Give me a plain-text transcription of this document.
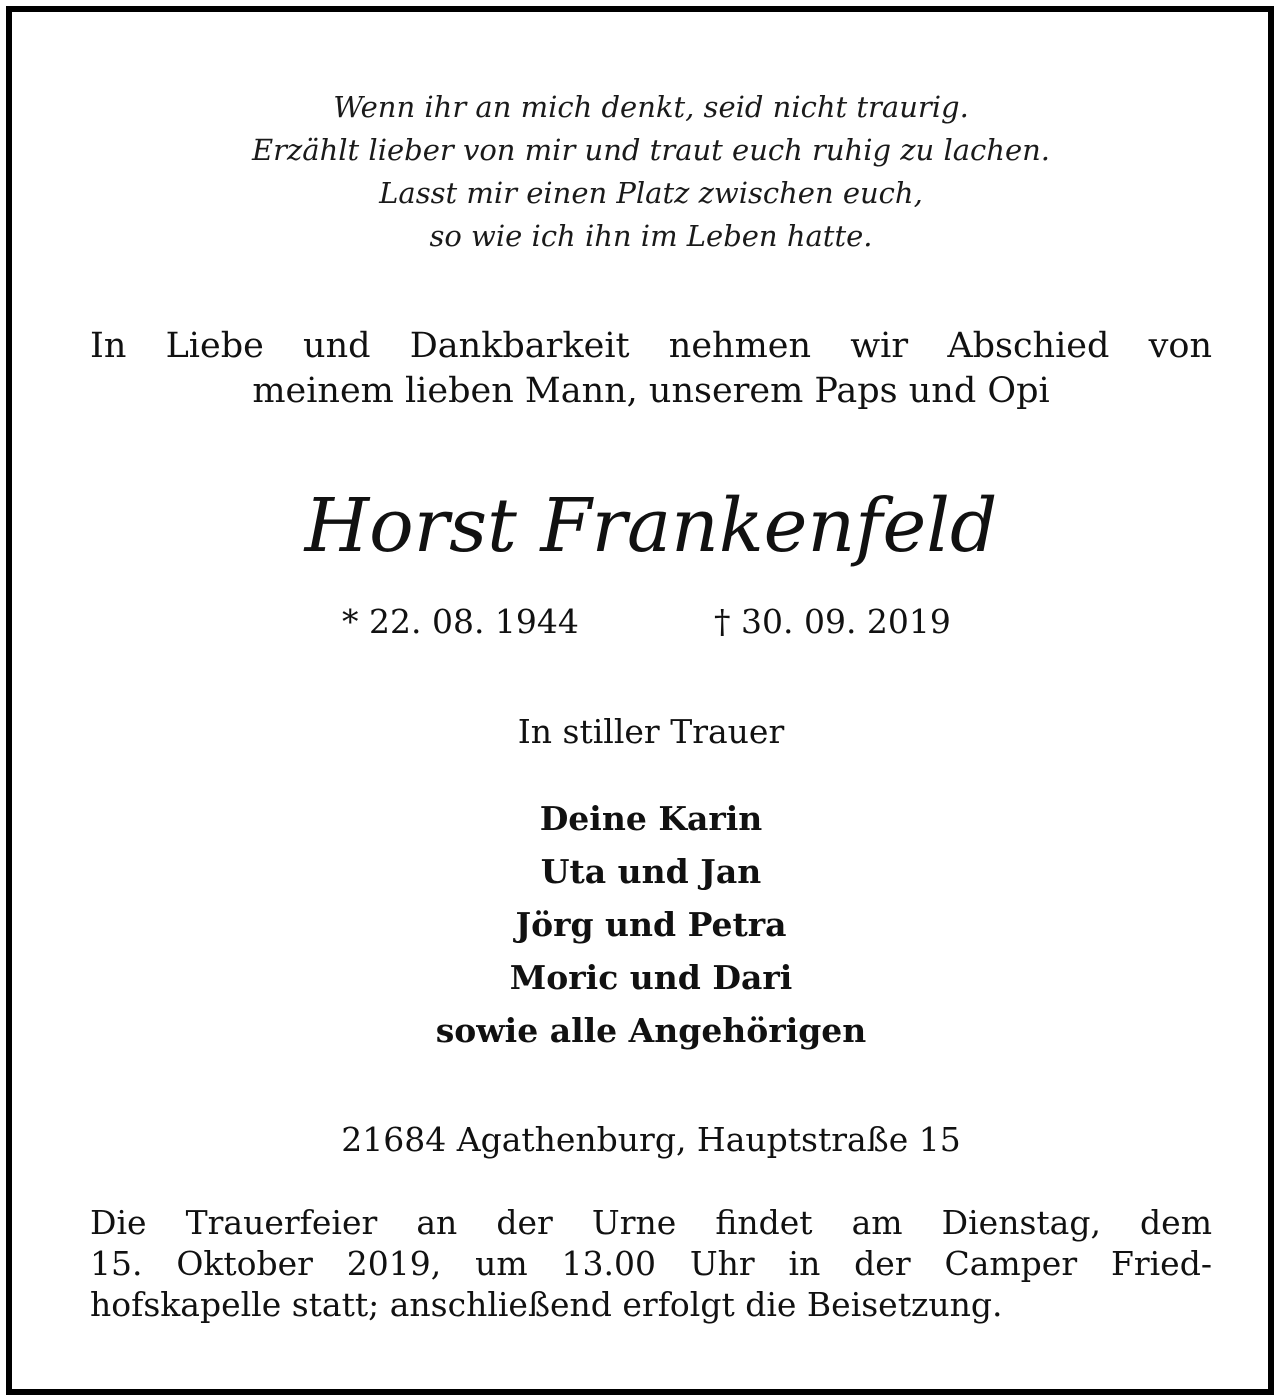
Wenn ihr an mich denkt, seid nicht traurig.
Erzählt lieber von mir und traut euch ruhig zu lachen.
Lasst mir einen Platz zwischen euch,
so wie ich ihn im Leben hatte.
In Liebe und Dankbarkeit nehmen wir Abschied von
meinem lieben Mann, unserem Paps und Opi
Horst Frankenfeld
* 22. 08. 1944	† 30. 09. 2019
In stiller Trauer
Deine Karin
Uta und Jan
Jörg und Petra
Moric und Dari
sowie alle Angehörigen
21684 Agathenburg, Hauptstraße 15
Die Trauerfeier an der Urne findet am Dienstag, dem
15. Oktober 2019, um 13.00 Uhr in der Camper Fried-
hofskapelle statt; anschließend erfolgt die Beisetzung.
